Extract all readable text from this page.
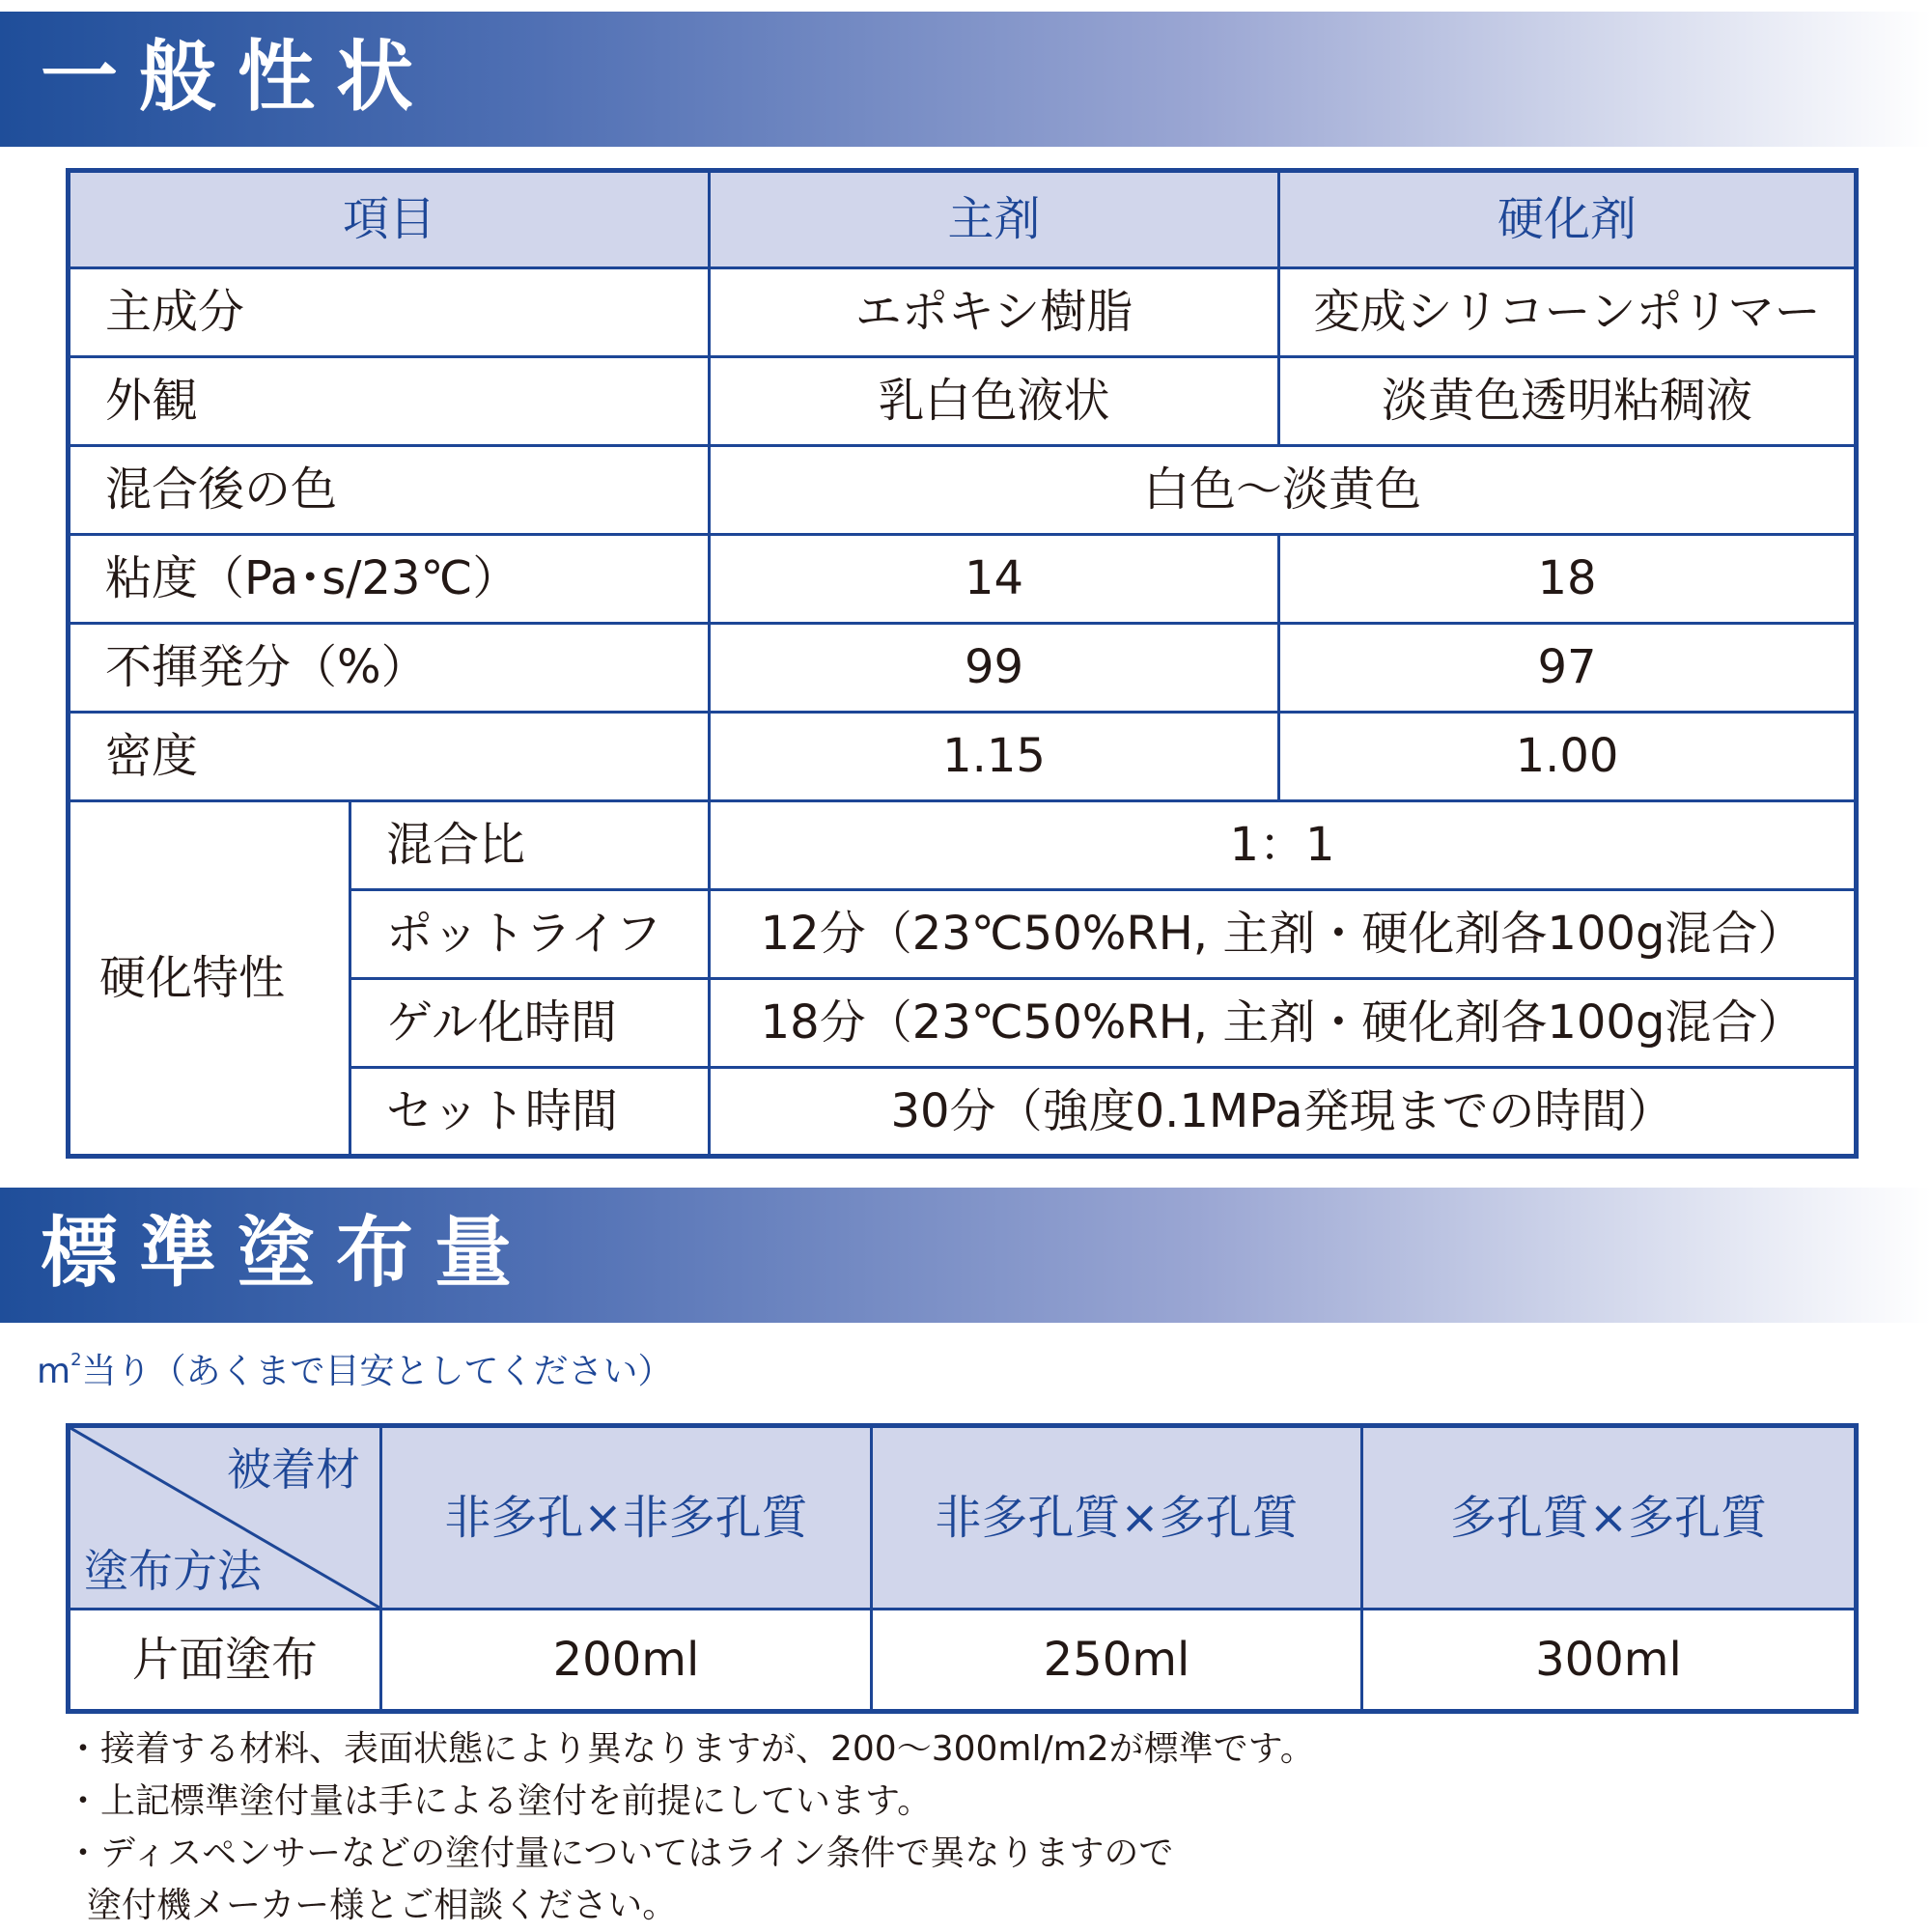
一般性状
項目		主剤	硬化剤
主成分		エポキシ樹脂	変成シリコーンポリマー
外観		乳白色液状	淡黄色透明粘稠液
混合後の色		白色～淡黄色	
粘度（Pa･s/23℃）		14	18
不揮発分（%）		99	97
密度		1.15	1.00
硬化特性	混合比	1：1	
	ポットライフ	12分（23℃50%RH, 主剤・硬化剤各100g混合）	
	ゲル化時間	18分（23℃50%RH, 主剤・硬化剤各100g混合）	
	セット時間	30分（強度0.1MPa発現までの時間）	
標準塗布量

$m^2$当り（あくまで目安としてください）

被着材
塗布方法	非多孔×非多孔質	非多孔質×多孔質	多孔質×多孔質
片面塗布	200ml	250ml	300ml
・接着する材料、表面状態により異なりますが、200～300ml/m2が標準です。
・上記標準塗付量は手による塗付を前提にしています。
・ディスペンサーなどの塗付量についてはライン条件で異なりますので
塗付機メーカー様とご相談ください。
